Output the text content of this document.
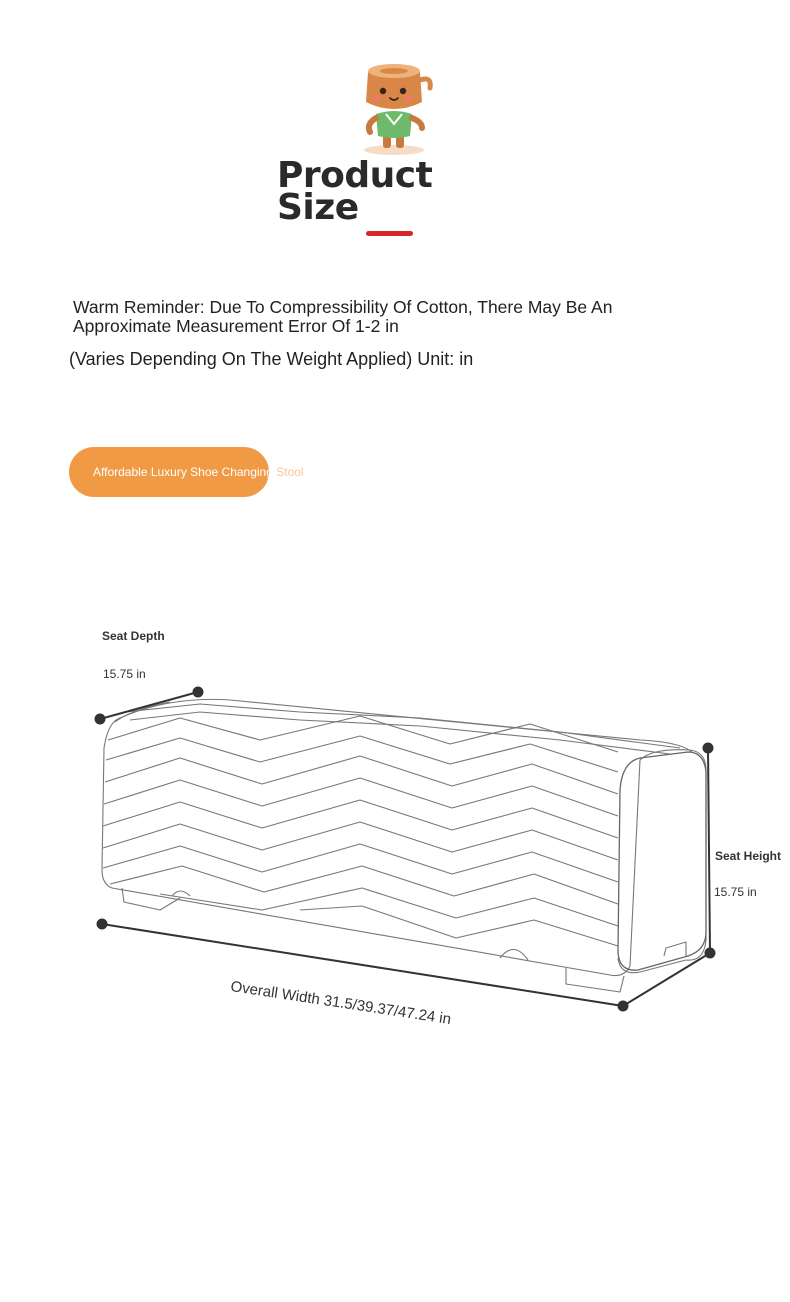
Product
Size
Warm Reminder: Due To Compressibility Of Cotton, There May Be An Approximate Measurement Error Of 1-2 in
(Varies Depending On The Weight Applied) Unit: in
Affordable Luxury Shoe Changing Stool
Seat Depth
15.75 in
Seat Height
15.75 in
Overall Width 31.5/39.37/47.24 in
